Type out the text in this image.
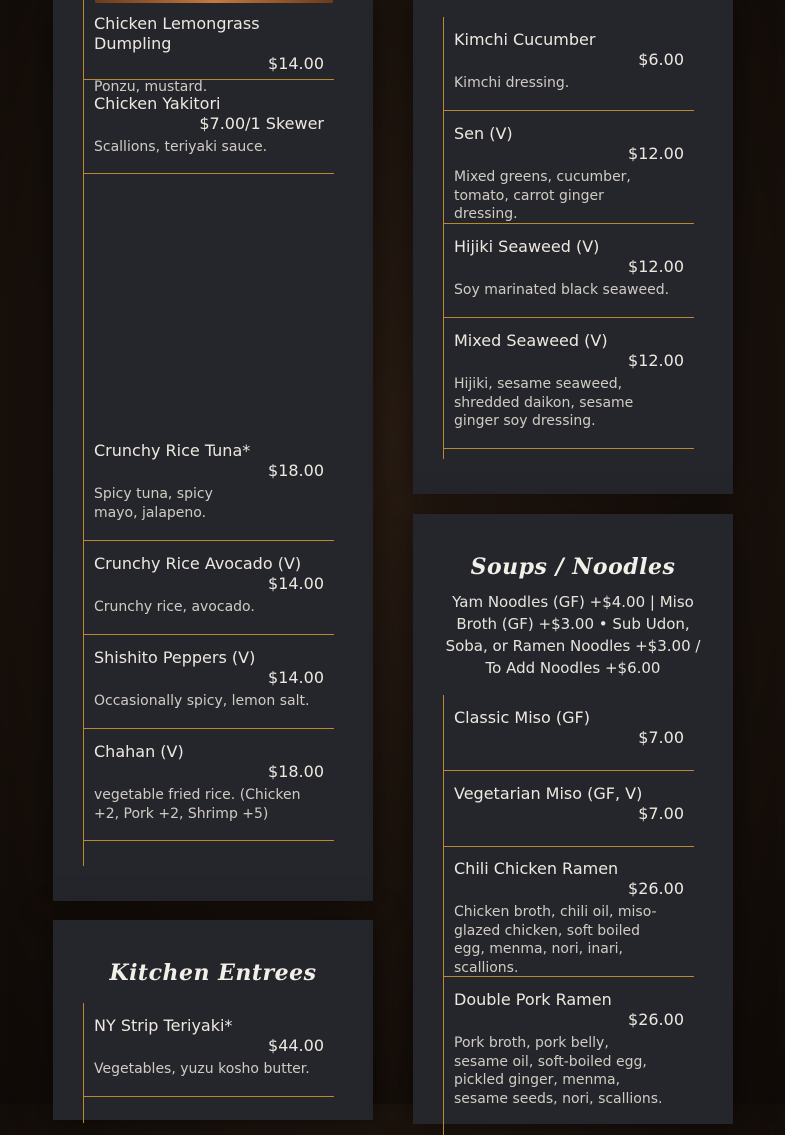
Chicken Lemongrass Dumpling
$14.00
Ponzu, mustard.
Chicken Yakitori
$7.00/1 Skewer
Scallions, teriyaki sauce.
Crunchy Rice Tuna*
$18.00
Spicy tuna, spicy mayo, jalapeno.
Crunchy Rice Avocado (V)
$14.00
Crunchy rice, avocado.
Shishito Peppers (V)
$14.00
Occasionally spicy, lemon salt.
Chahan (V)
$18.00
vegetable fried rice. (Chicken +2, Pork +2, Shrimp +5)
Kitchen Entrees
NY Strip Teriyaki*
$44.00
Vegetables, yuzu kosho butter.
Kimchi Cucumber
$6.00
Kimchi dressing.
Sen (V)
$12.00
Mixed greens, cucumber, tomato, carrot ginger dressing.
Hijiki Seaweed (V)
$12.00
Soy marinated black seaweed.
Mixed Seaweed (V)
$12.00
Hijiki, sesame seaweed, shredded daikon, sesame ginger soy dressing.
Soups / Noodles
Yam Noodles (GF) +$4.00 | Miso Broth (GF) +$3.00 • Sub Udon, Soba, or Ramen Noodles +$3.00 / To Add Noodles +$6.00
Classic Miso (GF)
$7.00
Vegetarian Miso (GF, V)
$7.00
Chili Chicken Ramen
$26.00
Chicken broth, chili oil, miso-glazed chicken, soft boiled egg, menma, nori, inari, scallions.
Double Pork Ramen
$26.00
Pork broth, pork belly, sesame oil, soft-boiled egg, pickled ginger, menma, sesame seeds, nori, scallions.
